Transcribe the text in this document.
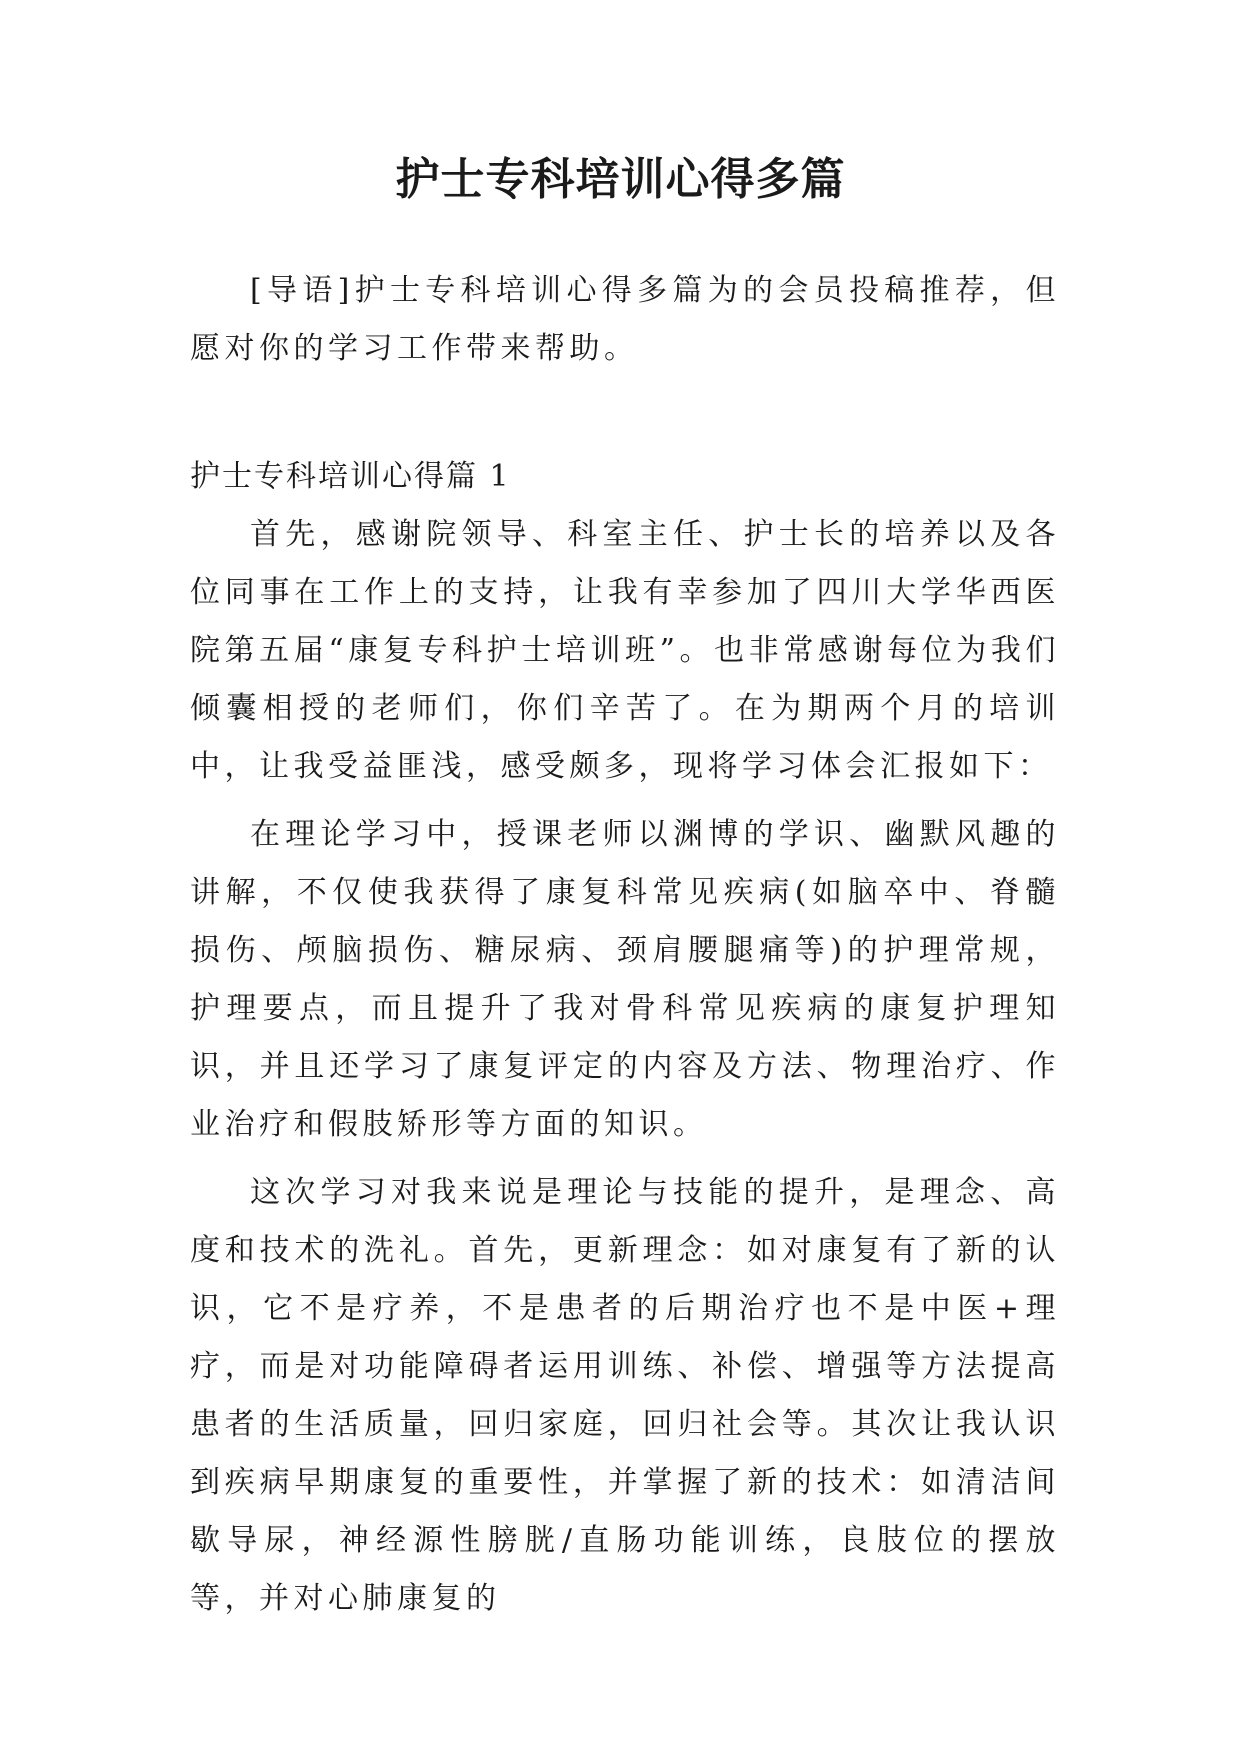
护士专科培训心得多篇

[导语]护士专科培训心得多篇为的会员投稿推荐，但愿对你的学习工作带来帮助。

护士专科培训心得篇 1

首先，感谢院领导、科室主任、护士长的培养以及各位同事在工作上的支持，让我有幸参加了四川大学华西医院第五届“康复专科护士培训班”。也非常感谢每位为我们倾囊相授的老师们，你们辛苦了。在为期两个月的培训中，让我受益匪浅，感受颇多，现将学习体会汇报如下：

在理论学习中，授课老师以渊博的学识、幽默风趣的讲解，不仅使我获得了康复科常见疾病(如脑卒中、脊髓损伤、颅脑损伤、糖尿病、颈肩腰腿痛等)的护理常规，护理要点，而且提升了我对骨科常见疾病的康复护理知识，并且还学习了康复评定的内容及方法、物理治疗、作业治疗和假肢矫形等方面的知识。

这次学习对我来说是理论与技能的提升，是理念、高度和技术的洗礼。首先，更新理念：如对康复有了新的认识，它不是疗养，不是患者的后期治疗也不是中医+理疗，而是对功能障碍者运用训练、补偿、增强等方法提高患者的生活质量，回归家庭，回归社会等。其次让我认识到疾病早期康复的重要性，并掌握了新的技术：如清洁间歇导尿，神经源性膀胱/直肠功能训练，良肢位的摆放等，并对心肺康复的
